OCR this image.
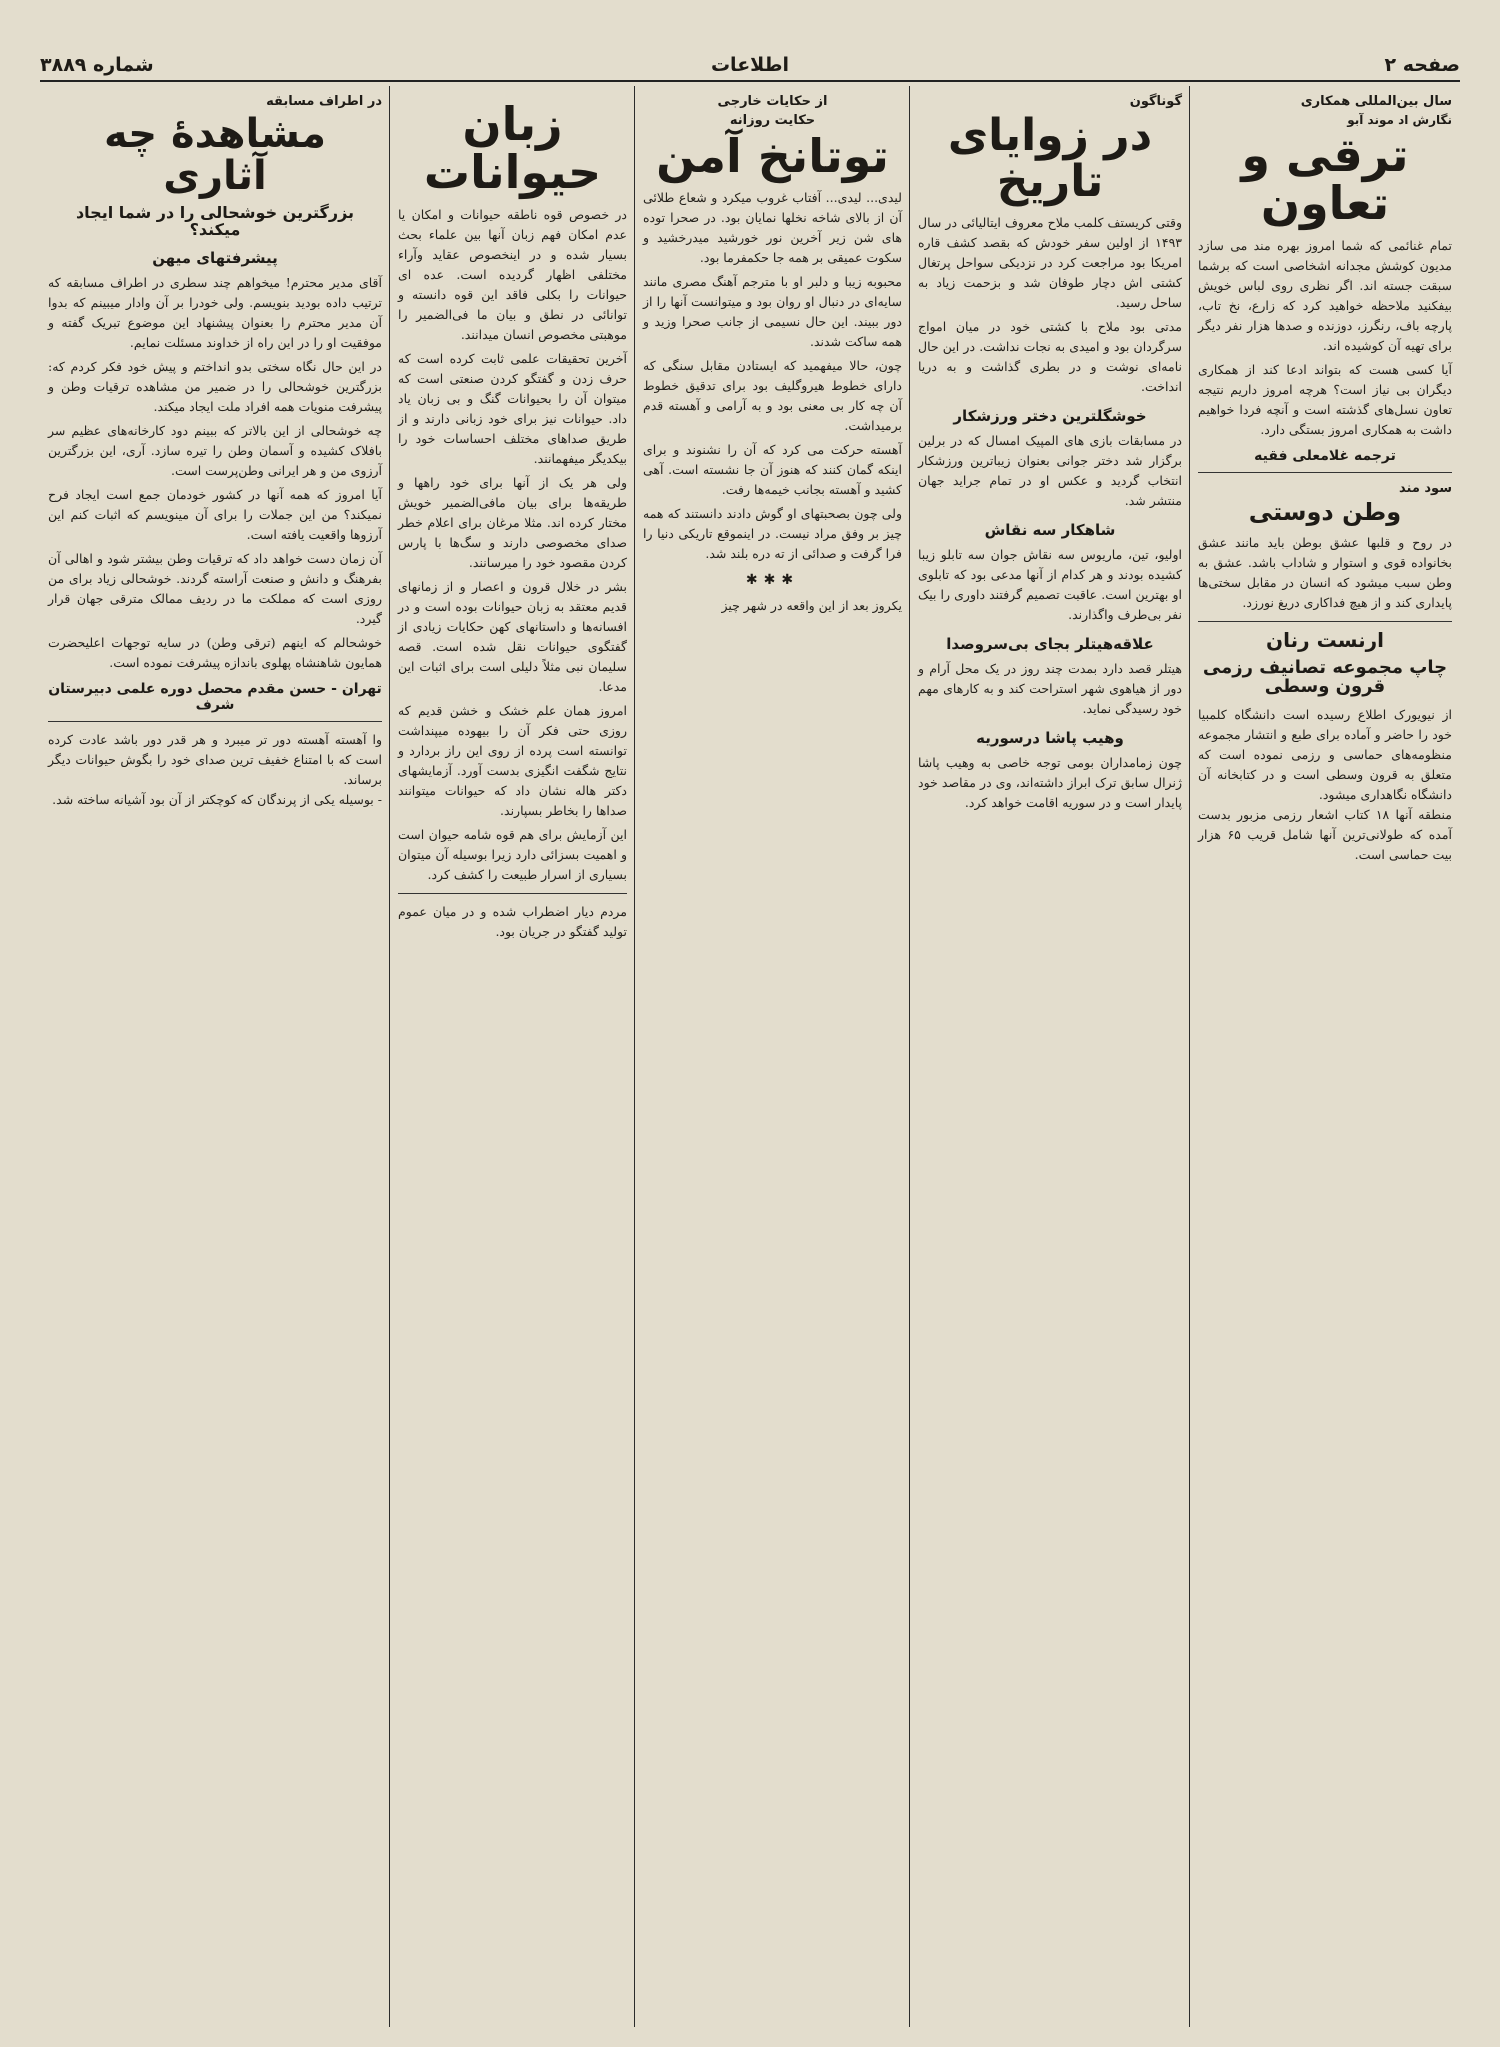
صفحه ۲
اطلاعات
شماره ۳۸۸۹
سال بین‌المللی همکاری
نگارش اد موند آبو
ترقی و تعاون

تمام غنائمی که شما امروز بهره مند می سازد مدیون کوشش مجدانه اشخاصی است که برشما سبقت جسته اند. اگر نظری روی لباس خویش بیفکنید ملاحظه خواهید کرد که زارع، نخ تاب، پارچه باف، رنگرز، دوزنده و صدها هزار نفر دیگر برای تهیه آن کوشیده اند.

آیا کسی هست که بتواند ادعا کند از همکاری دیگران بی نیاز است؟ هرچه امروز داریم نتیجه تعاون نسل‌های گذشته است و آنچه فردا خواهیم داشت به همکاری امروز بستگی دارد.

ترجمه غلامعلی فقیه
سود مند
وطن دوستی
در روح و قلبها عشق بوطن باید مانند عشق بخانواده قوی و استوار و شاداب باشد. عشق به وطن سبب میشود که انسان در مقابل سختی‌ها پایداری کند و از هیچ فداکاری دریغ نورزد.
ارنست رنان
چاپ مجموعه تصانیف رزمی قرون وسطی
از نیویورک اطلاع رسیده است دانشگاه کلمبیا خود را حاضر و آماده برای طبع و انتشار مجموعه منظومه‌های حماسی و رزمی نموده است که متعلق به قرون وسطی است و در کتابخانه آن دانشگاه نگاهداری میشود.
منطقه آنها ۱۸ کتاب اشعار رزمی مزبور بدست آمده که طولانی‌ترین آنها شامل قریب ۶۵ هزار بیت حماسی است.
گوناگون
در زوایای تاریخ

وقتی کریستف کلمب ملاح معروف ایتالیائی در سال ۱۴۹۳ از اولین سفر خودش که بقصد کشف قاره امریکا بود مراجعت کرد در نزدیکی سواحل پرتغال کشتی اش دچار طوفان شد و بزحمت زیاد به ساحل رسید.

مدتی بود ملاح با کشتی خود در میان امواج سرگردان بود و امیدی به نجات نداشت. در این حال نامه‌ای نوشت و در بطری گذاشت و به دریا انداخت.

خوشگلترین دختر ورزشکار
در مسابقات بازی های المپیک امسال که در برلین برگزار شد دختر جوانی بعنوان زیباترین ورزشکار انتخاب گردید و عکس او در تمام جراید جهان منتشر شد.
شاهکار سه نقاش
اولیو، تین، ماریوس سه نقاش جوان سه تابلو زیبا کشیده بودند و هر کدام از آنها مدعی بود که تابلوی او بهترین است. عاقبت تصمیم گرفتند داوری را بیک نفر بی‌طرف واگذارند.
علاقه‌هیتلر بجای بی‌سروصدا
هیتلر قصد دارد بمدت چند روز در یک محل آرام و دور از هیاهوی شهر استراحت کند و به کارهای مهم خود رسیدگی نماید.
وهیب پاشا درسوریه
چون زمامداران بومی توجه خاصی به وهیب پاشا ژنرال سابق ترک ابراز داشته‌اند، وی در مقاصد خود پایدار است و در سوریه اقامت خواهد کرد.
از حکایات خارجی
حکایت روزانه
توتانخ آمن

لیدی... لیدی... آفتاب غروب میکرد و شعاع طلائی آن از بالای شاخه نخلها نمایان بود. در صحرا توده های شن زیر آخرین نور خورشید میدرخشید و سکوت عمیقی بر همه جا حکمفرما بود.

محبوبه زیبا و دلبر او با مترجم آهنگ مصری مانند سایه‌ای در دنبال او روان بود و میتوانست آنها را از دور ببیند. این حال نسیمی از جانب صحرا وزید و همه ساکت شدند.

چون، حالا میفهمید که ایستادن مقابل سنگی که دارای خطوط هیروگلیف بود برای تدقیق خطوط آن چه کار بی معنی بود و به آرامی و آهسته قدم برمیداشت.

آهسته حرکت می کرد که آن را نشنوند و برای اینکه گمان کنند که هنوز آن جا نشسته است. آهی کشید و آهسته بجانب خیمه‌ها رفت.

ولی چون بصحبتهای او گوش دادند دانستند که همه چیز بر وفق مراد نیست. در اینموقع تاریکی دنیا را فرا گرفت و صدائی از ته دره بلند شد.

✱✱✱
یکروز بعد از این واقعه در شهر چیز
زبان حیوانات

در خصوص قوه ناطقه حیوانات و امکان یا عدم امکان فهم زبان آنها بین علماء بحث بسیار شده و در اینخصوص عقاید وآراء مختلفی اظهار گردیده است. عده ای حیوانات را بکلی فاقد این قوه دانسته و توانائی در نطق و بیان ما فی‌الضمیر را موهبتی مخصوص انسان میدانند.

آخرین تحقیقات علمی ثابت کرده است که حرف زدن و گفتگو کردن صنعتی است که میتوان آن را بحیوانات گنگ و بی زبان یاد داد. حیوانات نیز برای خود زبانی دارند و از طریق صداهای مختلف احساسات خود را بیکدیگر میفهمانند.

ولی هر یک از آنها برای خود راهها و طریقه‌ها برای بیان مافی‌الضمیر خویش مختار کرده اند. مثلا مرغان برای اعلام خطر صدای مخصوصی دارند و سگ‌ها با پارس کردن مقصود خود را میرسانند.

بشر در خلال قرون و اعصار و از زمانهای قدیم معتقد به زبان حیوانات بوده است و در افسانه‌ها و داستانهای کهن حکایات زیادی از گفتگوی حیوانات نقل شده است. قصه سلیمان نبی مثلاً دلیلی است برای اثبات این مدعا.

امروز همان علم خشک و خشن قدیم که روزی حتی فکر آن را بیهوده میپنداشت توانسته است پرده از روی این راز بردارد و نتایج شگفت انگیزی بدست آورد. آزمایشهای دکتر هاله نشان داد که حیوانات میتوانند صداها را بخاطر بسپارند.

این آزمایش برای هم قوه شامه حیوان است و اهمیت بسزائی دارد زیرا بوسیله آن میتوان بسیاری از اسرار طبیعت را کشف کرد.

مردم دیار اضطراب شده و در میان عموم تولید گفتگو در جریان بود.
در اطراف مسابقه
مشاهدۀ چه آثاری
بزرگترین خوشحالی را در شما ایجاد میکند؟
پیشرفتهای میهن

آقای مدیر محترم! میخواهم چند سطری در اطراف مسابقه که ترتیب داده بودید بنویسم. ولی خودرا بر آن وادار میبینم که بدوا آن مدیر محترم را بعنوان پیشنهاد این موضوع تبریک گفته و موفقیت او را در این راه از خداوند مسئلت نمایم.

در این حال نگاه سختی بدو انداختم و پیش خود فکر کردم که: بزرگترین خوشحالی را در ضمیر من مشاهده ترقیات وطن و پیشرفت منویات همه افراد ملت ایجاد میکند.

چه خوشحالی از این بالاتر که ببینم دود کارخانه‌های عظیم سر بافلاک کشیده و آسمان وطن را تیره سازد. آری، این بزرگترین آرزوی من و هر ایرانی وطن‌پرست است.

آیا امروز که همه آنها در کشور خودمان جمع است ایجاد فرح نمیکند؟ من این جملات را برای آن مینویسم که اثبات کنم این آرزوها واقعیت یافته است.

آن زمان دست خواهد داد که ترقیات وطن بیشتر شود و اهالی آن بفرهنگ و دانش و صنعت آراسته گردند. خوشحالی زیاد برای من روزی است که مملکت ما در ردیف ممالک مترقی جهان قرار گیرد.

خوشحالم که اینهم (ترقی وطن) در سایه توجهات اعلیحضرت همایون شاهنشاه پهلوی باندازه پیشرفت نموده است.

تهران - حسن مقدم محصل دوره علمی دبیرستان شرف
وا آهسته آهسته دور تر میبرد و هر قدر دور باشد عادت کرده است که با امتناع خفیف ترین صدای خود را بگوش حیوانات دیگر برساند.
- بوسیله یکی از پرندگان که کوچکتر از آن بود آشیانه ساخته شد.
